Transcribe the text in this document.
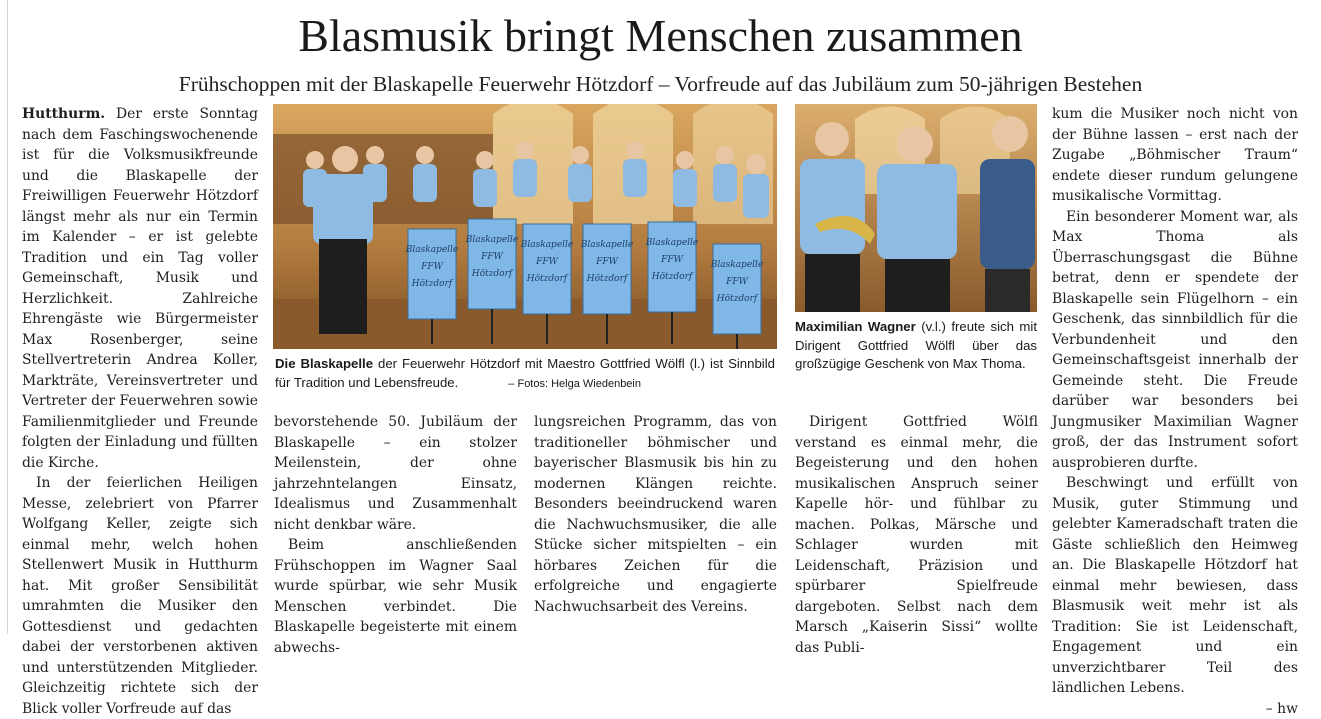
Blasmusik bringt Menschen zusammen
Frühschoppen mit der Blaskapelle Feuerwehr Hötzdorf – Vorfreude auf das Jubiläum zum 50-jährigen Bestehen

Hutthurm. Der erste Sonntag nach dem Faschingswochenende ist für die Volksmusikfreunde und die Blaskapelle der Freiwilligen Feuerwehr Hötzdorf längst mehr als nur ein Termin im Kalender – er ist gelebte Tradition und ein Tag voller Gemeinschaft, Musik und Herzlichkeit. Zahlreiche Ehrengäste wie Bürgermeister Max Rosenberger, seine Stellvertreterin Andrea Koller, Markträte, Vereinsvertreter und Vertreter der Feuerwehren sowie Familienmitglieder und Freunde folgten der Einladung und füllten die Kirche.

In der feierlichen Heiligen Messe, zelebriert von Pfarrer Wolfgang Keller, zeigte sich einmal mehr, welch hohen Stellenwert Musik in Hutthurm hat. Mit großer Sensibilität umrahmten die Musiker den Gottesdienst und gedachten dabei der verstorbenen aktiven und unterstützenden Mitglieder. Gleichzeitig richtete sich der Blick voller Vorfreude auf das

Blaskapelle
Blaskapelle Blaskapelle Blaskapelle Blaskapelle
Blaskapelle
FFW
FFW	FFW	FFW	FFW
FFW
Hötzdorf
Hötzdorf Hötzdorf Hötzdorf	Hötzdorf
Hötzdorf
Die Blaskapelle der Feuerwehr Hötzdorf mit Maestro Gottfried Wölfl (l.) ist Sinnbild für Tradition und Lebensfreude.	– Fotos: Helga Wiedenbein
Maximilian Wagner (v.l.) freute sich mit Dirigent Gottfried Wölfl über das großzügige Geschenk von Max Thoma.

bevorstehende 50. Jubiläum der Blaskapelle – ein stolzer Meilenstein, der ohne jahrzehntelangen Einsatz, Idealismus und Zusammenhalt nicht denkbar wäre.

Beim anschließenden Frühschoppen im Wagner Saal wurde spürbar, wie sehr Musik Menschen verbindet. Die Blaskapelle begeisterte mit einem abwechs-

lungsreichen Programm, das von traditioneller böhmischer und bayerischer Blasmusik bis hin zu modernen Klängen reichte. Besonders beeindruckend waren die Nachwuchsmusiker, die alle Stücke sicher mitspielten – ein hörbares Zeichen für die erfolgreiche und engagierte Nachwuchsarbeit des Vereins.

Dirigent Gottfried Wölfl verstand es einmal mehr, die Begeisterung und den hohen musikalischen Anspruch seiner Kapelle hör- und fühlbar zu machen. Polkas, Märsche und Schlager wurden mit Leidenschaft, Präzision und spürbarer Spielfreude dargeboten. Selbst nach dem Marsch „Kaiserin Sissi“ wollte das Publi-

kum die Musiker noch nicht von der Bühne lassen – erst nach der Zugabe „Böhmischer Traum“ endete dieser rundum gelungene musikalische Vormittag.

Ein besonderer Moment war, als Max Thoma als Überraschungsgast die Bühne betrat, denn er spendete der Blaskapelle sein Flügelhorn – ein Geschenk, das sinnbildlich für die Verbundenheit und den Gemeinschaftsgeist innerhalb der Gemeinde steht. Die Freude darüber war besonders bei Jungmusiker Maximilian Wagner groß, der das Instrument sofort ausprobieren durfte.

Beschwingt und erfüllt von Musik, guter Stimmung und gelebter Kameradschaft traten die Gäste schließlich den Heimweg an. Die Blaskapelle Hötzdorf hat einmal mehr bewiesen, dass Blasmusik weit mehr ist als Tradition: Sie ist Leidenschaft, Engagement und ein unverzichtbarer Teil des ländlichen Lebens.

– hw
